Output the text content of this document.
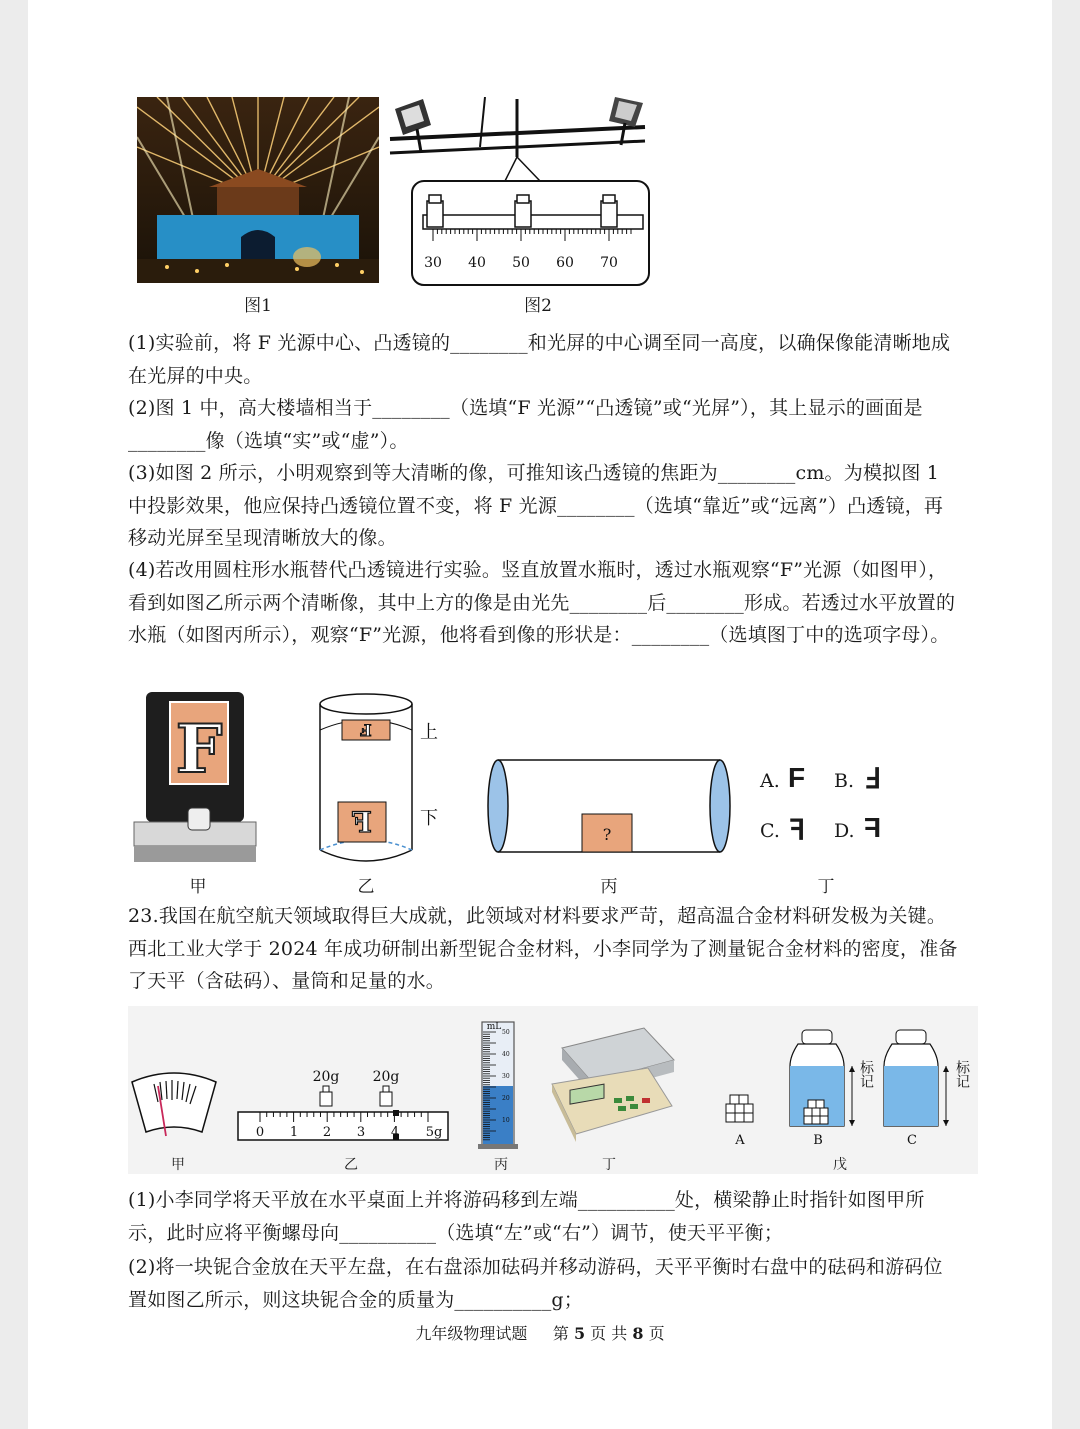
图1
30 40 50 60 70
图2
(1)实验前，将 F 光源中心、凸透镜的________和光屏的中心调至同一高度，以确保像能清晰地成在光屏的中央。
(2)图 1 中，高大楼墙相当于________（选填“F 光源”“凸透镜”或“光屏”），其上显示的画面是________像（选填“实”或“虚”）。
(3)如图 2 所示，小明观察到等大清晰的像，可推知该凸透镜的焦距为________cm。为模拟图 1 中投影效果，他应保持凸透镜位置不变，将 F 光源________（选填“靠近”或“远离”）凸透镜，再移动光屏至呈现清晰放大的像。
(4)若改用圆柱形水瓶替代凸透镜进行实验。竖直放置水瓶时，透过水瓶观察“F”光源（如图甲），看到如图乙所示两个清晰像，其中上方的像是由光先________后________形成。若透过水平放置的水瓶（如图丙所示），观察“F”光源，他将看到像的形状是：________（选填图丁中的选项字母）。
F
甲
Ⅎ
ꟻ
上
下
乙
?
丙
A. F B. Ⅎ
C. Ⅎ D. F
丁
23.我国在航空航天领域取得巨大成就，此领域对材料要求严苛，超高温合金材料研发极为关键。西北工业大学于 2024 年成功研制出新型铌合金材料，小李同学为了测量铌合金材料的密度，准备了天平（含砝码）、量筒和足量的水。
甲
20g 20g
0 1 2 3 4 5g
乙
mL
50
40
30
20
10
丙	丁
A
标记
B
标记
C
戊
(1)小李同学将天平放在水平桌面上并将游码移到左端__________处，横梁静止时指针如图甲所示，此时应将平衡螺母向__________（选填“左”或“右”）调节，使天平平衡；
(2)将一块铌合金放在天平左盘，在右盘添加砝码并移动游码，天平平衡时右盘中的砝码和游码位置如图乙所示，则这块铌合金的质量为__________g；
九年级物理试题 第 5 页 共 8 页
